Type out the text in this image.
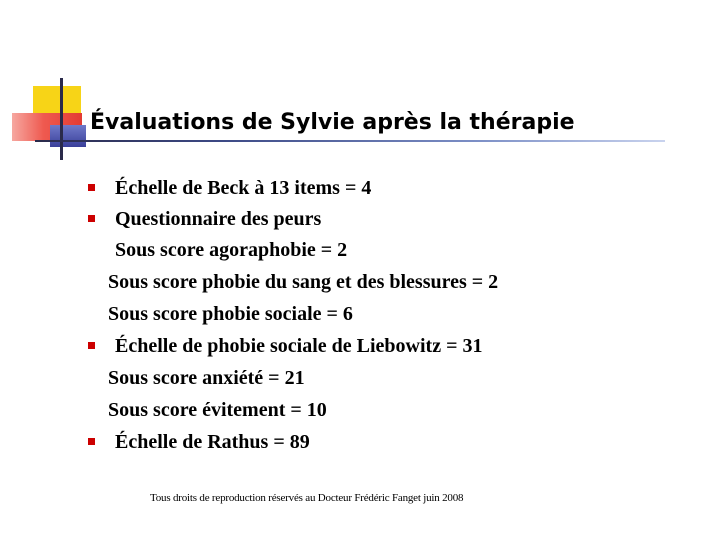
Évaluations de Sylvie après la thérapie
Échelle de Beck à 13 items = 4
Questionnaire des peurs
Sous score agoraphobie = 2
Sous score phobie du sang et des blessures = 2
Sous score phobie sociale = 6
Échelle de phobie sociale de Liebowitz = 31
Sous score anxiété = 21
Sous score évitement = 10
Échelle de Rathus = 89
Tous droits de reproduction réservés au Docteur Frédéric Fanget juin 2008
